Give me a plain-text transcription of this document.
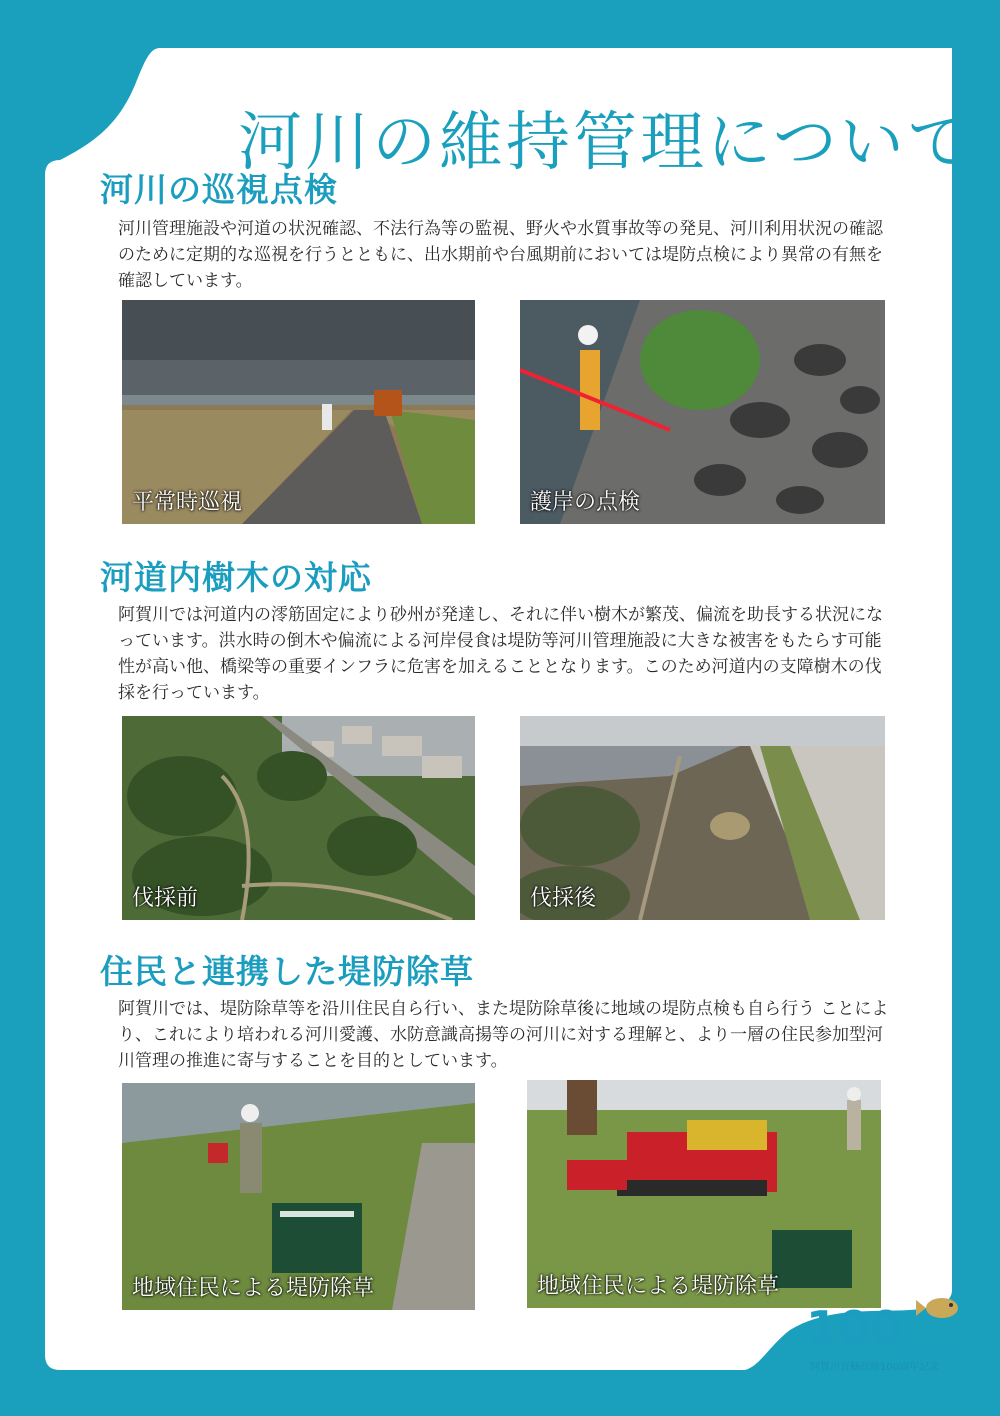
河川の維持管理について
河川の巡視点検

河川管理施設や河道の状況確認、不法行為等の監視、野火や水質事故等の発見、河川利用状況の確認のために定期的な巡視を行うとともに、出水期前や台風期前においては堤防点検により異常の有無を確認しています。

平常時巡視	護岸の点検
河道内樹木の対応

阿賀川では河道内の澪筋固定により砂州が発達し、それに伴い樹木が繁茂、偏流を助長する状況になっています。洪水時の倒木や偏流による河岸侵食は堤防等河川管理施設に大きな被害をもたらす可能性が高い他、橋梁等の重要インフラに危害を加えることとなります。このため河道内の支障樹木の伐採を行っています。

伐採前	伐採後
住民と連携した堤防除草

阿賀川では、堤防除草等を沿川住民自ら行い、また堤防除草後に地域の堤防点検も自ら行う ことにより、これにより培われる河川愛護、水防意識高揚等の河川に対する理解と、より一層の住民参加型河川管理の推進に寄与することを目的としています。

地域住民による堤防除草	地域住民による堤防除草
100 th
Anniversary
阿賀川直轄改修100周年記念
